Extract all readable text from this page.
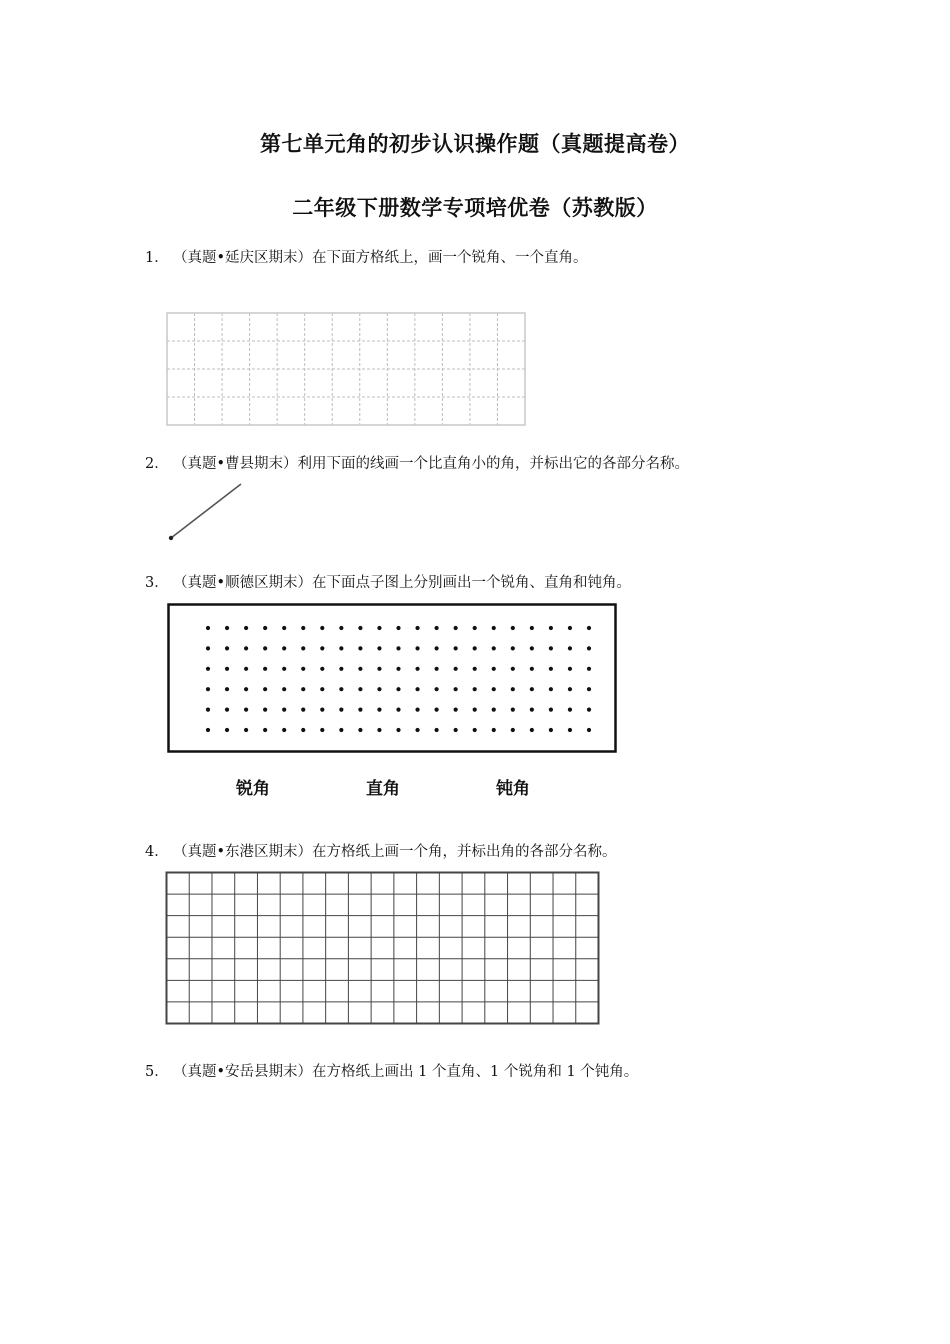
第七单元角的初步认识操作题（真题提高卷）
二年级下册数学专项培优卷（苏教版）
1． （真题•延庆区期末）在下面方格纸上，画一个锐角、一个直角。
2． （真题•曹县期末）利用下面的线画一个比直角小的角，并标出它的各部分名称。
3． （真题•顺德区期末）在下面点子图上分别画出一个锐角、直角和钝角。
锐角	直角	钝角
4． （真题•东港区期末）在方格纸上画一个角，并标出角的各部分名称。
5． （真题•安岳县期末）在方格纸上画出 1 个直角、1 个锐角和 1 个钝角。
